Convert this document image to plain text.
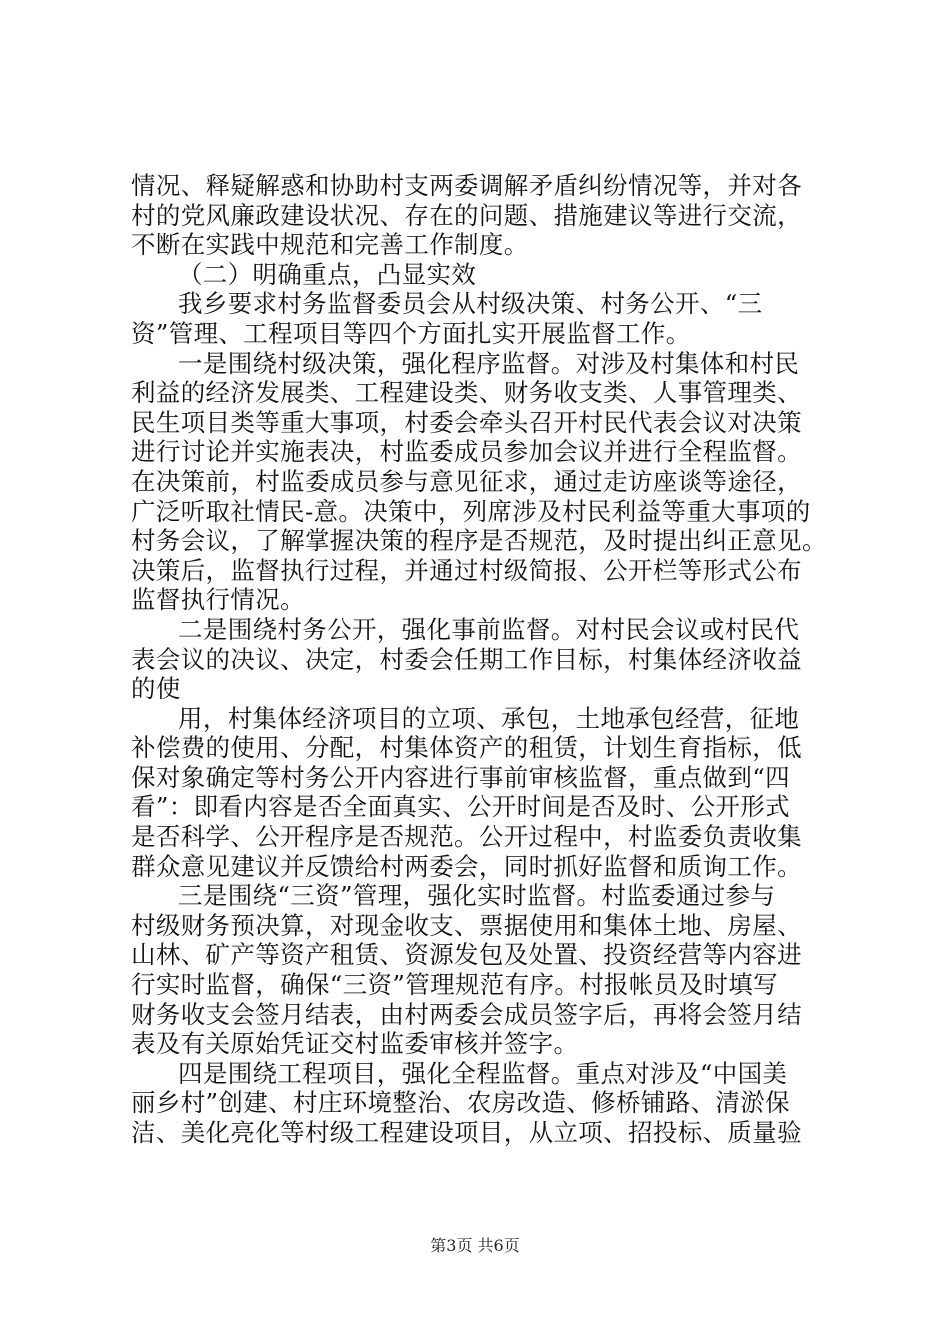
情况、释疑解惑和协助村支两委调解矛盾纠纷情况等，并对各
村的党风廉政建设状况、存在的问题、措施建议等进行交流，
不断在实践中规范和完善工作制度。
（二）明确重点，凸显实效
我乡要求村务监督委员会从村级决策、村务公开、“三
资”管理、工程项目等四个方面扎实开展监督工作。
一是围绕村级决策，强化程序监督。对涉及村集体和村民
利益的经济发展类、工程建设类、财务收支类、人事管理类、
民生项目类等重大事项，村委会牵头召开村民代表会议对决策
进行讨论并实施表决，村监委成员参加会议并进行全程监督。
在决策前，村监委成员参与意见征求，通过走访座谈等途径，
广泛听取社情民-意。决策中，列席涉及村民利益等重大事项的
村务会议，了解掌握决策的程序是否规范，及时提出纠正意见。
决策后，监督执行过程，并通过村级简报、公开栏等形式公布
监督执行情况。
二是围绕村务公开，强化事前监督。对村民会议或村民代
表会议的决议、决定，村委会任期工作目标，村集体经济收益
的使
用，村集体经济项目的立项、承包，土地承包经营，征地
补偿费的使用、分配，村集体资产的租赁，计划生育指标，低
保对象确定等村务公开内容进行事前审核监督，重点做到“四
看”：即看内容是否全面真实、公开时间是否及时、公开形式
是否科学、公开程序是否规范。公开过程中，村监委负责收集
群众意见建议并反馈给村两委会，同时抓好监督和质询工作。
三是围绕“三资”管理，强化实时监督。村监委通过参与
村级财务预决算，对现金收支、票据使用和集体土地、房屋、
山林、矿产等资产租赁、资源发包及处置、投资经营等内容进
行实时监督，确保“三资”管理规范有序。村报帐员及时填写
财务收支会签月结表，由村两委会成员签字后，再将会签月结
表及有关原始凭证交村监委审核并签字。
四是围绕工程项目，强化全程监督。重点对涉及“中国美
丽乡村”创建、村庄环境整治、农房改造、修桥铺路、清淤保
洁、美化亮化等村级工程建设项目，从立项、招投标、质量验
第3页 共6页
